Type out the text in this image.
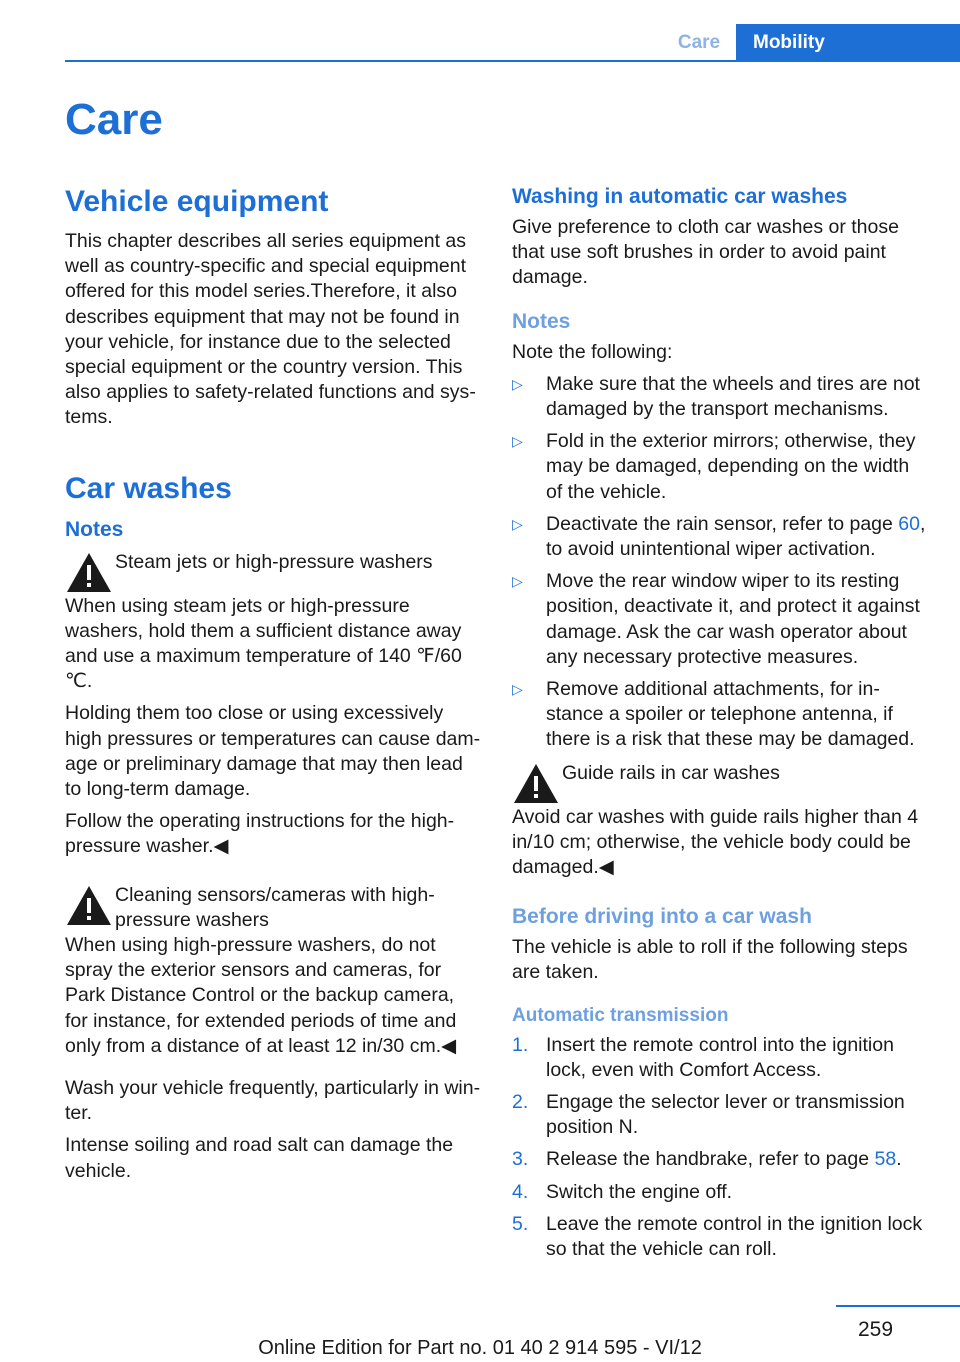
Care	Mobility
Care
Vehicle equipment

This chapter describes all series equipment as well as country-specific and special equipment offered for this model series.Therefore, it also describes equipment that may not be found in your vehicle, for instance due to the selected special equipment or the country version. This also applies to safety-related functions and systems.

Car washes
Notes
Steam jets or high-pressure washers

When using steam jets or high-pressure washers, hold them a sufficient distance away and use a maximum temperature of 140 ℉/60 ℃.

Holding them too close or using excessively high pressures or temperatures can cause damage or preliminary damage that may then lead to long-term damage.

Follow the operating instructions for the high-pressure washer.◀

Cleaning sensors/cameras with high-pressure washers

When using high-pressure washers, do not spray the exterior sensors and cameras, for Park Distance Control or the backup camera, for instance, for extended periods of time and only from a distance of at least 12 in/30 cm.◀

Wash your vehicle frequently, particularly in winter.

Intense soiling and road salt can damage the vehicle.

Washing in automatic car washes

Give preference to cloth car washes or those that use soft brushes in order to avoid paint damage.

Notes

Note the following:

▷	Make sure that the wheels and tires are not damaged by the transport mechanisms.
▷	Fold in the exterior mirrors; otherwise, they may be damaged, depending on the width of the vehicle.
▷	Deactivate the rain sensor, refer to page 60, to avoid unintentional wiper activation.
▷	Move the rear window wiper to its resting position, deactivate it, and protect it against damage. Ask the car wash operator about any necessary protective measures.
▷	Remove additional attachments, for instance a spoiler or telephone antenna, if there is a risk that these may be damaged.
Guide rails in car washes

Avoid car washes with guide rails higher than 4 in/10 cm; otherwise, the vehicle body could be damaged.◀

Before driving into a car wash

The vehicle is able to roll if the following steps are taken.

Automatic transmission
1. Insert the remote control into the ignition lock, even with Comfort Access.
2. Engage the selector lever or transmission position N.
3. Release the handbrake, refer to page 58.
4. Switch the engine off.
5. Leave the remote control in the ignition lock so that the vehicle can roll.
259
Online Edition for Part no. 01 40 2 914 595 - VI/12
